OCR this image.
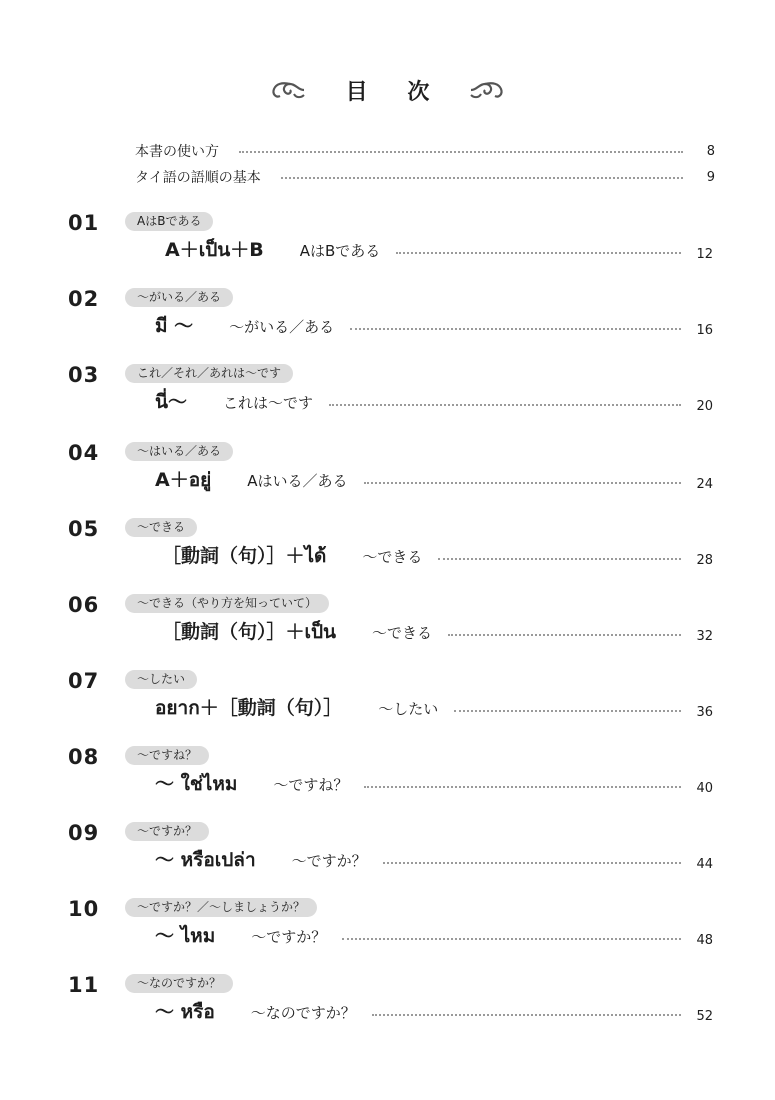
目 次
本書の使い方	8
タイ語の語順の基本	9
01	AはBである
A＋เป็น＋B AはBである	12
02	〜がいる／ある
มี 〜 〜がいる／ある	16
03	これ／それ／あれは〜です
นี่〜 これは〜です	20
04	〜はいる／ある
A＋อยู่ Aはいる／ある	24
05	〜できる
［動詞（句）］＋ได้ 〜できる	28
06	〜できる（やり方を知っていて）
［動詞（句）］＋เป็น 〜できる	32
07	〜したい
อยาก＋［動詞（句）］ 〜したい	36
08	〜ですね？
〜 ใช่ไหม 〜ですね？	40
09	〜ですか？
〜 หรือเปล่า 〜ですか？	44
10	〜ですか？／〜しましょうか？
〜 ไหม 〜ですか？	48
11	〜なのですか？
〜 หรือ 〜なのですか？	52
